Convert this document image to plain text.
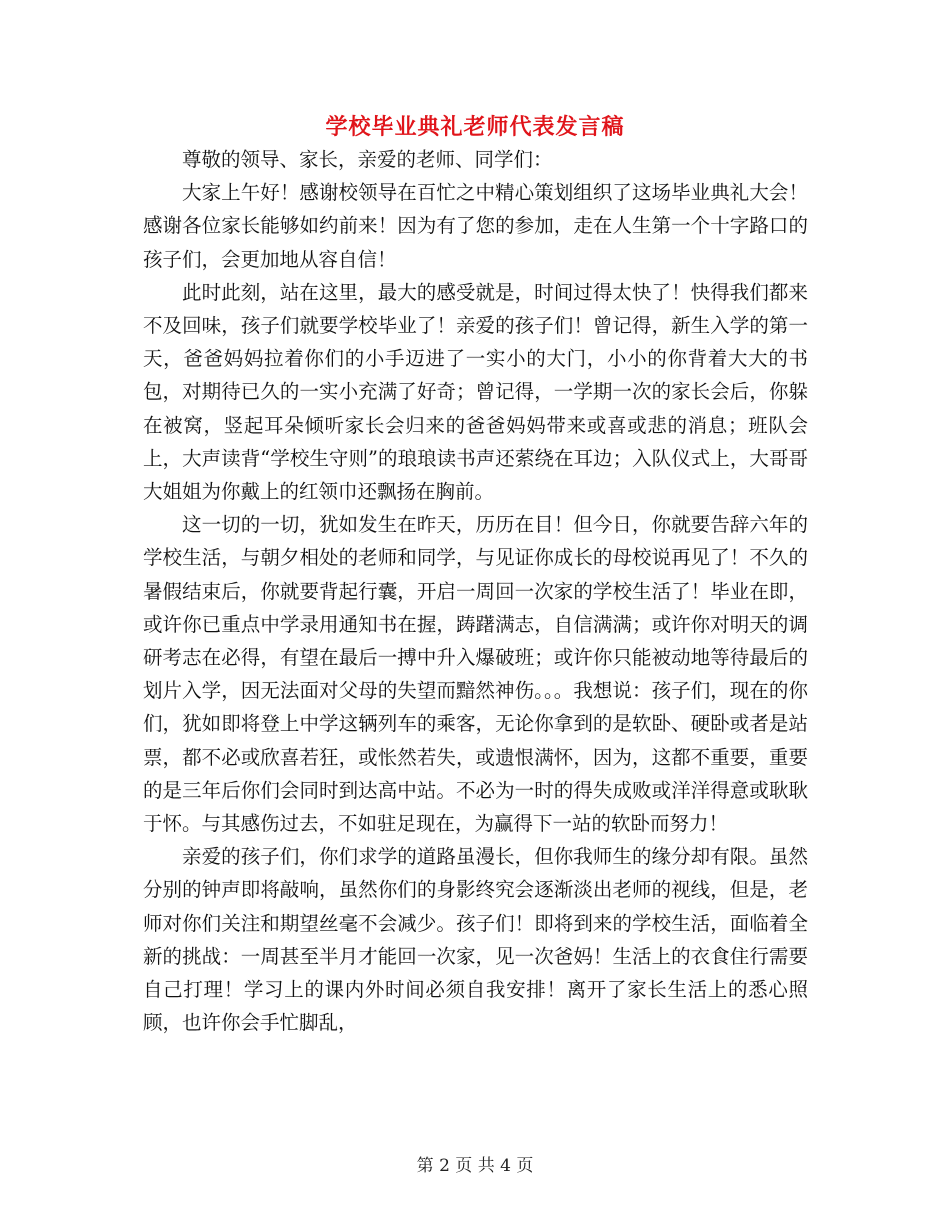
学校毕业典礼老师代表发言稿

尊敬的领导、家长，亲爱的老师、同学们：

大家上午好！感谢校领导在百忙之中精心策划组织了这场毕业典礼大会！感谢各位家长能够如约前来！因为有了您的参加，走在人生第一个十字路口的孩子们，会更加地从容自信！

此时此刻，站在这里，最大的感受就是，时间过得太快了！快得我们都来不及回味，孩子们就要学校毕业了！亲爱的孩子们！曾记得，新生入学的第一天，爸爸妈妈拉着你们的小手迈进了一实小的大门，小小的你背着大大的书包，对期待已久的一实小充满了好奇；曾记得，一学期一次的家长会后，你躲在被窝，竖起耳朵倾听家长会归来的爸爸妈妈带来或喜或悲的消息；班队会上，大声读背“学校生守则”的琅琅读书声还萦绕在耳边；入队仪式上，大哥哥大姐姐为你戴上的红领巾还飘扬在胸前。

这一切的一切，犹如发生在昨天，历历在目！但今日，你就要告辞六年的学校生活，与朝夕相处的老师和同学，与见证你成长的母校说再见了！不久的暑假结束后，你就要背起行囊，开启一周回一次家的学校生活了！毕业在即，或许你已重点中学录用通知书在握，踌躇满志，自信满满；或许你对明天的调研考志在必得，有望在最后一搏中升入爆破班；或许你只能被动地等待最后的划片入学，因无法面对父母的失望而黯然神伤。。。我想说：孩子们，现在的你们，犹如即将登上中学这辆列车的乘客，无论你拿到的是软卧、硬卧或者是站票，都不必或欣喜若狂，或怅然若失，或遗恨满怀，因为，这都不重要，重要的是三年后你们会同时到达高中站。不必为一时的得失成败或洋洋得意或耿耿于怀。与其感伤过去，不如驻足现在，为赢得下一站的软卧而努力！

亲爱的孩子们，你们求学的道路虽漫长，但你我师生的缘分却有限。虽然分别的钟声即将敲响，虽然你们的身影终究会逐渐淡出老师的视线，但是，老师对你们关注和期望丝毫不会减少。孩子们！即将到来的学校生活，面临着全新的挑战：一周甚至半月才能回一次家，见一次爸妈！生活上的衣食住行需要自己打理！学习上的课内外时间必须自我安排！离开了家长生活上的悉心照顾，也许你会手忙脚乱，

第 2 页 共 4 页
